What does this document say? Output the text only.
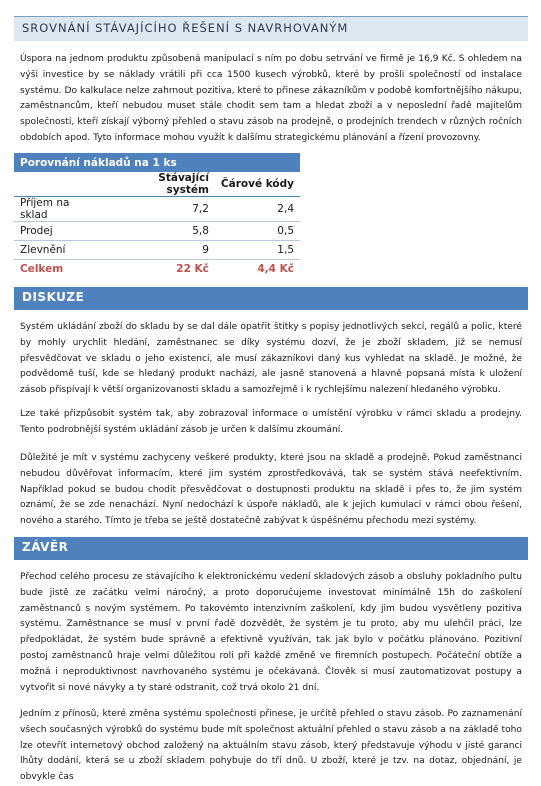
SROVNÁNÍ STÁVAJÍCÍHO ŘEŠENÍ S NAVRHOVANÝM

Úspora na jednom produktu způsobená manipulací s ním po dobu setrvání ve firmě je 16,9 Kč. S ohledem na výši investice by se náklady vrátili při cca 1500 kusech výrobků, které by prošli společností od instalace systému. Do kalkulace nelze zahrnout pozitiva, které to přinese zákazníkům v podobě komfortnějšího nákupu, zaměstnancům, kteří nebudou muset stále chodit sem tam a hledat zboží a v neposlední řadě majitelům společnosti, kteří získají výborný přehled o stavu zásob na prodejně, o prodejních trendech v různých ročních obdobích apod. Tyto informace mohou využít k dalšímu strategickému plánování a řízení provozovny.

Porovnání nákladů na 1 ks		
	Stávající systém	Čárové kódy
Příjem na sklad	7,2	2,4
Prodej	5,8	0,5
Zlevnění	9	1,5
Celkem	22 Kč	4,4 Kč
DISKUZE

Systém ukládání zboží do skladu by se dal dále opatřit štítky s popisy jednotlivých sekcí, regálů a polic, které by mohly urychlit hledání, zaměstnanec se díky systému dozví, že je zboží skladem, již se nemusí přesvědčovat ve skladu o jeho existenci, ale musí zákazníkovi daný kus vyhledat na skladě. Je možné, že podvědomě tuší, kde se hledaný produkt nachází, ale jasně stanovená a hlavně popsaná místa k uložení zásob přispívají k větší organizovanosti skladu a samozřejmě i k rychlejšímu nalezení hledaného výrobku.

Lze také přizpůsobit systém tak, aby zobrazoval informace o umístění výrobku v rámci skladu a prodejny. Tento podrobnější systém ukládání zásob je určen k dalšímu zkoumání.

Důležité je mít v systému zachyceny veškeré produkty, které jsou na skladě a prodejně. Pokud zaměstnanci nebudou důvěřovat informacím, které jim systém zprostředkovává, tak se systém stává neefektivním. Například pokud se budou chodit přesvědčovat o dostupnosti produktu na skladě i přes to, že jim systém oznámí, že se zde nenachází. Nyní nedochází k úspoře nákladů, ale k jejich kumulaci v rámci obou řešení, nového a starého. Tímto je třeba se ještě dostatečně zabývat k úspěšnému přechodu mezi systémy.

ZÁVĚR

Přechod celého procesu ze stávajícího k elektronickému vedení skladových zásob a obsluhy pokladního pultu bude jistě ze začátku velmi náročný, a proto doporučujeme investovat minimálně 15h do zaškolení zaměstnanců s novým systémem. Po takovémto intenzivním zaškolení, kdy jim budou vysvětleny pozitiva systému. Zaměstnance se musí v první řadě dozvědět, že systém je tu proto, aby mu ulehčil práci, lze předpokládat, že systém bude správně a efektivně využíván, tak jak bylo v počátku plánováno. Pozitivní postoj zaměstnanců hraje velmi důležitou roli při každé změně ve firemních postupech. Počáteční obtíže a možná i neproduktivnost navrhovaného systému je očekávaná. Člověk si musí zautomatizovat postupy a vytvořit si nové návyky a ty staré odstranit, což trvá okolo 21 dní.

Jedním z přínosů, které změna systému společnosti přinese, je určitě přehled o stavu zásob. Po zaznamenání všech současných výrobků do systému bude mít společnost aktuální přehled o stavu zásob a na základě toho lze otevřít internetový obchod založený na aktuálním stavu zásob, který představuje výhodu v jisté garanci lhůty dodání, která se u zboží skladem pohybuje do tří dnů. U zboží, které je tzv. na dotaz, objednání, je obvykle čas
